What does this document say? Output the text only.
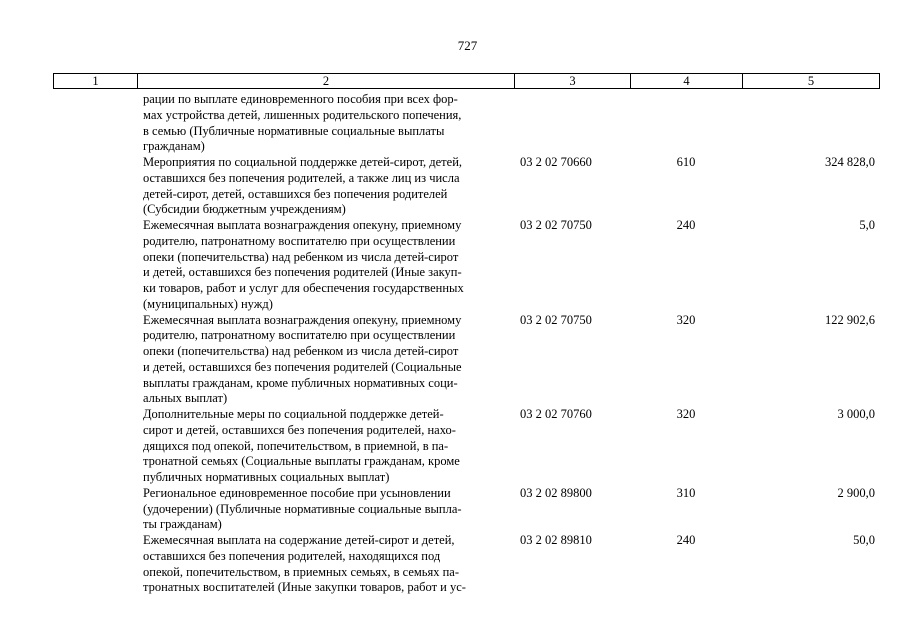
727
1	2	3	4	5
рации по выплате единовременного пособия при всех фор-
мах устройства детей, лишенных родительского попечения,
в семью (Публичные нормативные социальные выплаты
гражданам)
Мероприятия по социальной поддержке детей-сирот, детей,
оставшихся без попечения родителей, а также лиц из числа
детей-сирот, детей, оставшихся без попечения родителей
(Субсидии бюджетным учреждениям)
03 2 02 70660	610	324 828,0
Ежемесячная выплата вознаграждения опекуну, приемному
родителю, патронатному воспитателю при осуществлении
опеки (попечительства) над ребенком из числа детей-сирот
и детей, оставшихся без попечения родителей (Иные закуп-
ки товаров, работ и услуг для обеспечения государственных
(муниципальных) нужд)
03 2 02 70750	240	5,0
Ежемесячная выплата вознаграждения опекуну, приемному
родителю, патронатному воспитателю при осуществлении
опеки (попечительства) над ребенком из числа детей-сирот
и детей, оставшихся без попечения родителей (Социальные
выплаты гражданам, кроме публичных нормативных соци-
альных выплат)
03 2 02 70750	320	122 902,6
Дополнительные меры по социальной поддержке детей-
сирот и детей, оставшихся без попечения родителей, нахо-
дящихся под опекой, попечительством, в приемной, в па-
тронатной семьях (Социальные выплаты гражданам, кроме
публичных нормативных социальных выплат)
03 2 02 70760	320	3 000,0
Региональное единовременное пособие при усыновлении
(удочерении) (Публичные нормативные социальные выпла-
ты гражданам)
03 2 02 89800	310	2 900,0
Ежемесячная выплата на содержание детей-сирот и детей,
оставшихся без попечения родителей, находящихся под
опекой, попечительством, в приемных семьях, в семьях па-
тронатных воспитателей (Иные закупки товаров, работ и ус-
03 2 02 89810	240	50,0
